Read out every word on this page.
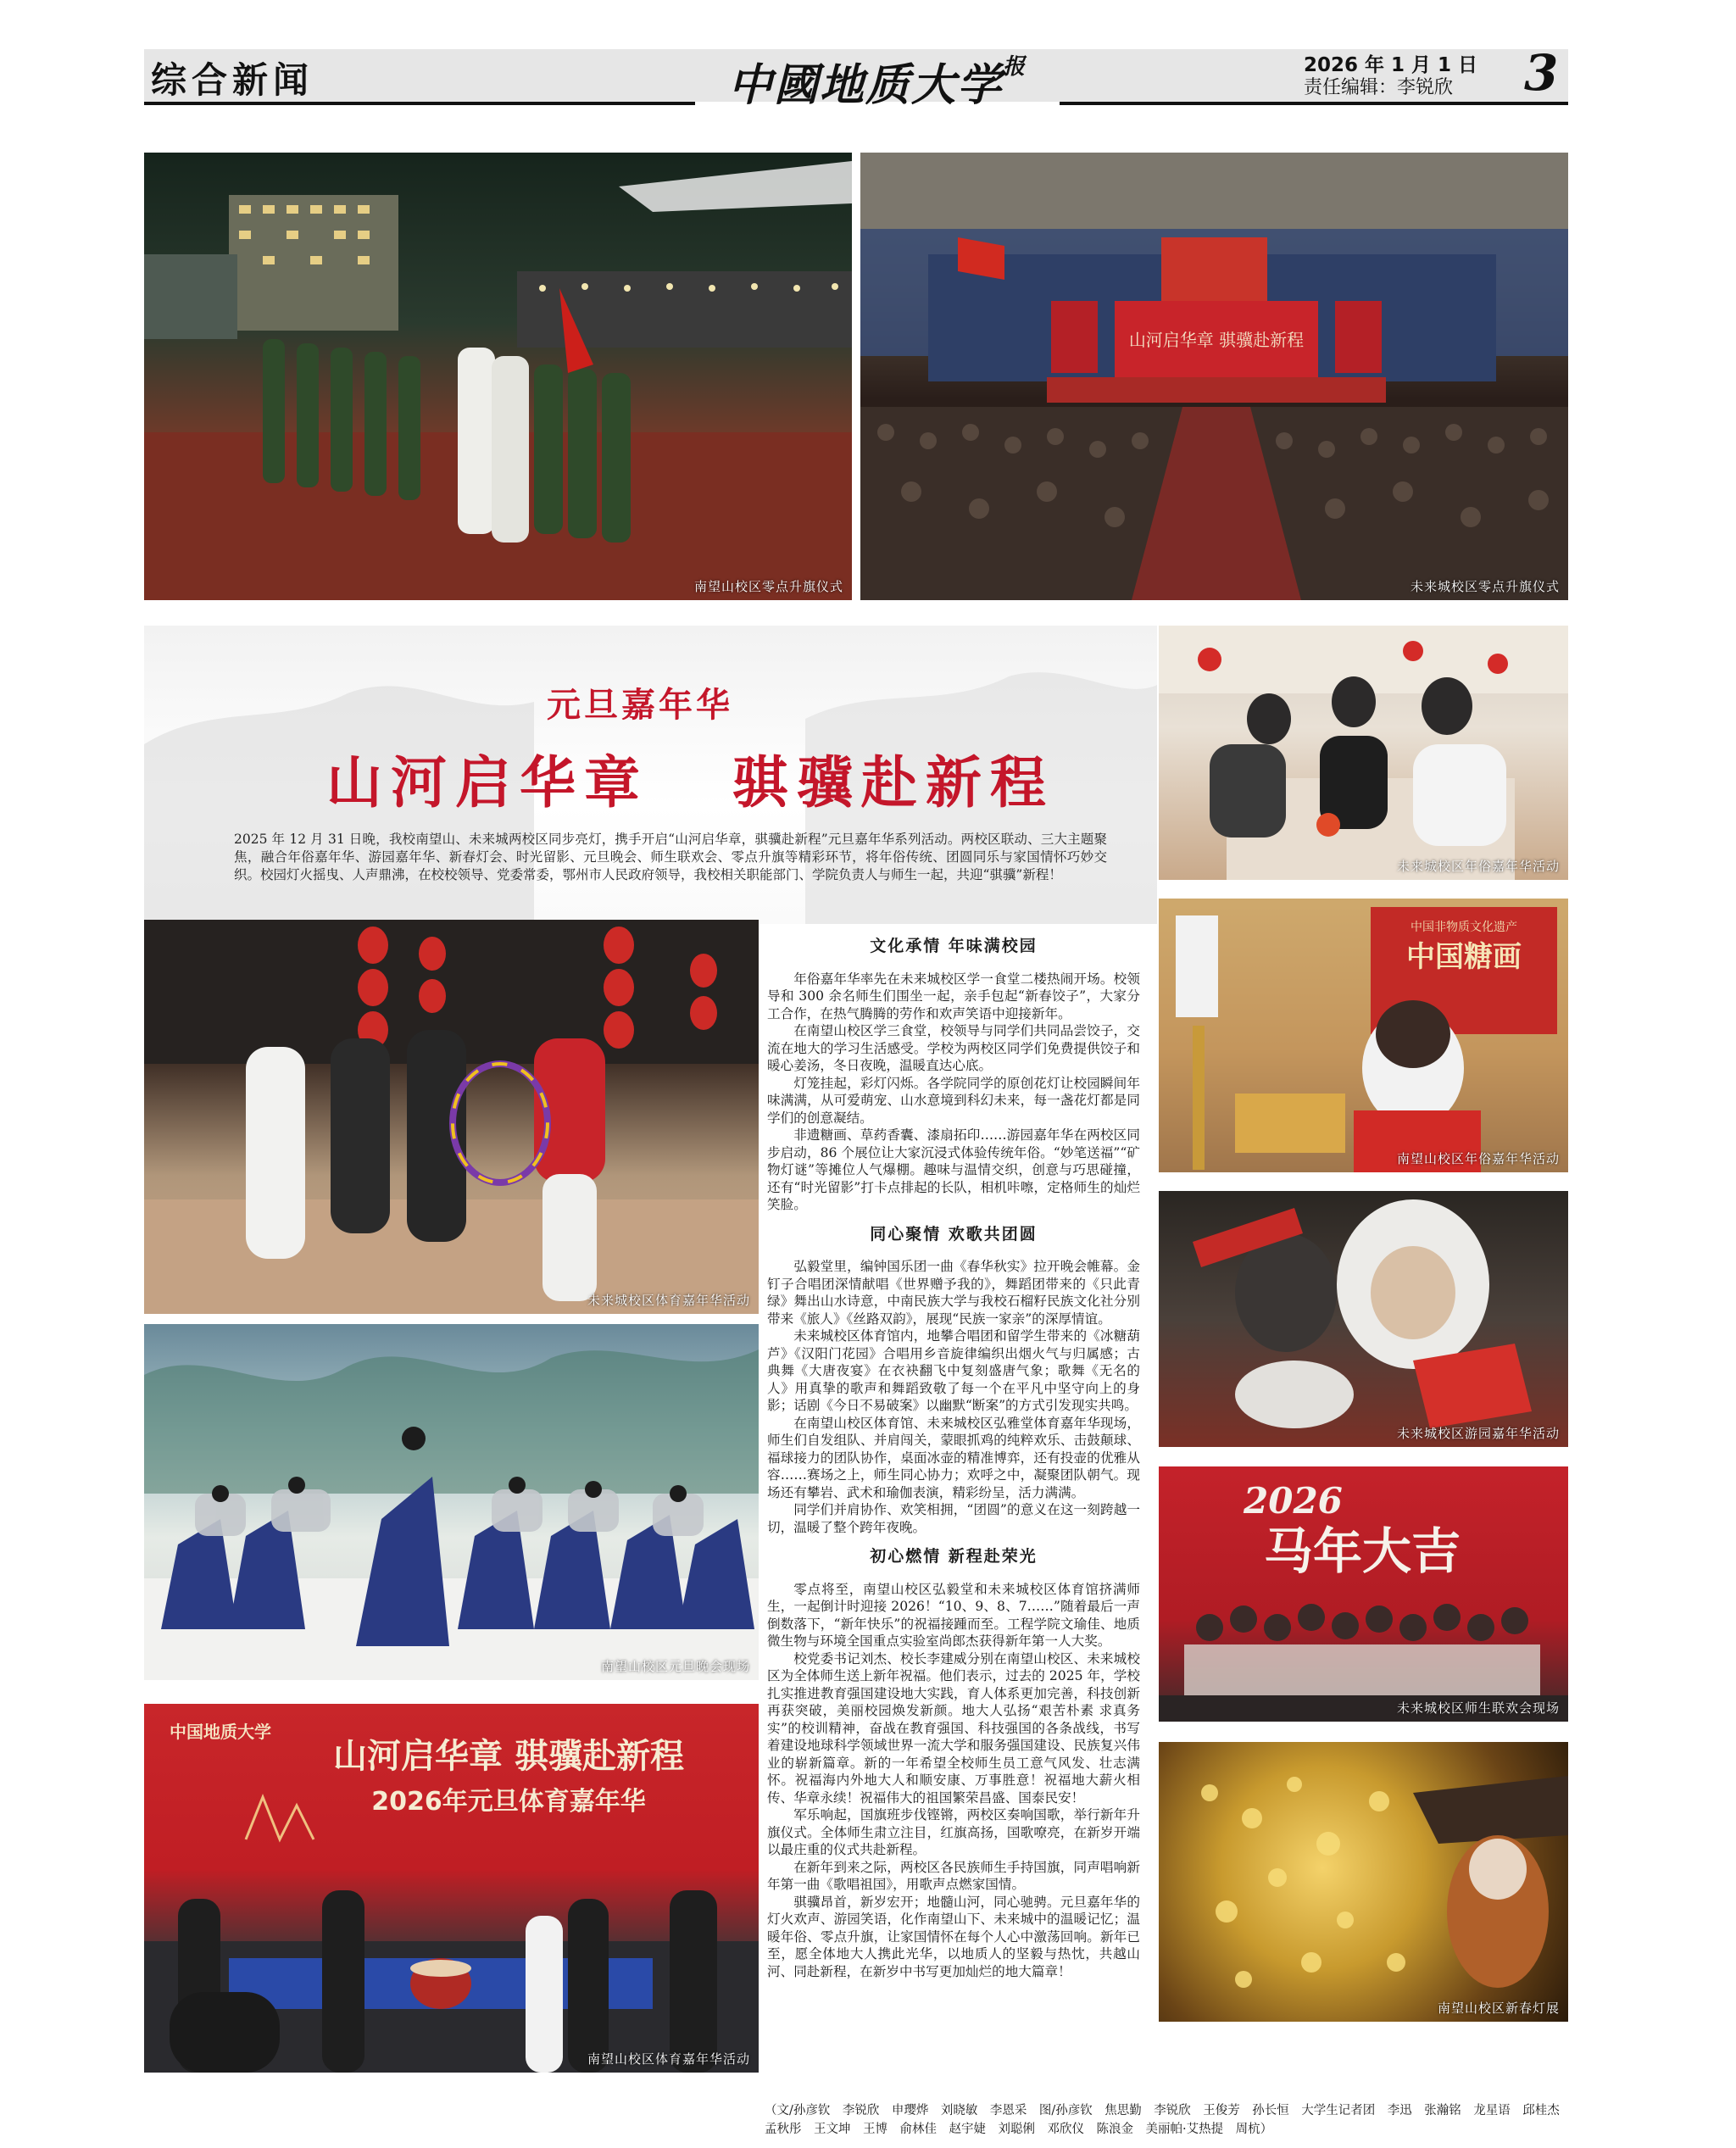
综合新闻	中國地质大学$^报$	2026 年 1 月 1 日
责任编辑：李锐欣 3
南望山校区零点升旗仪式
山河启华章 骐骥赴新程
未来城校区零点升旗仪式
元旦嘉年华
山河启华章   骐骥赴新程
2025 年 12 月 31 日晚，我校南望山、未来城两校区同步亮灯，携手开启“山河启华章，骐骥赴新程”元旦嘉年华系列活动。两校区联动、三大主题聚焦，融合年俗嘉年华、游园嘉年华、新春灯会、时光留影、元旦晚会、师生联欢会、零点升旗等精彩环节，将年俗传统、团圆同乐与家国情怀巧妙交织。校园灯火摇曳、人声鼎沸，在校校领导、党委常委，鄂州市人民政府领导，我校相关职能部门、学院负责人与师生一起，共迎“骐骥”新程！
未来城校区年俗嘉年华活动
中国非物质文化遗产
中国糖画
南望山校区年俗嘉年华活动
未来城校区游园嘉年华活动
2026
马年大吉
未来城校区师生联欢会现场
南望山校区新春灯展
未来城校区体育嘉年华活动
南望山校区元旦晚会现场
中国地质大学
山河启华章 骐骥赴新程
2026年元旦体育嘉年华
南望山校区体育嘉年华活动
文化承情 年味满校园

年俗嘉年华率先在未来城校区学一食堂二楼热闹开场。校领导和 300 余名师生们围坐一起，亲手包起“新春饺子”，大家分工合作，在热气腾腾的劳作和欢声笑语中迎接新年。

在南望山校区学三食堂，校领导与同学们共同品尝饺子，交流在地大的学习生活感受。学校为两校区同学们免费提供饺子和暖心姜汤，冬日夜晚，温暖直达心底。

灯笼挂起，彩灯闪烁。各学院同学的原创花灯让校园瞬间年味满满，从可爱萌宠、山水意境到科幻未来，每一盏花灯都是同学们的创意凝结。

非遗糖画、草药香囊、漆扇拓印……游园嘉年华在两校区同步启动，86 个展位让大家沉浸式体验传统年俗。“妙笔送福”“矿物灯谜”等摊位人气爆棚。趣味与温情交织，创意与巧思碰撞，还有“时光留影”打卡点排起的长队，相机咔嚓，定格师生的灿烂笑脸。

同心聚情 欢歌共团圆

弘毅堂里，编钟国乐团一曲《春华秋实》拉开晚会帷幕。金钉子合唱团深情献唱《世界赠予我的》，舞蹈团带来的《只此青绿》舞出山水诗意，中南民族大学与我校石榴籽民族文化社分别带来《旅人》《丝路双韵》，展现“民族一家亲”的深厚情谊。

未来城校区体育馆内，地攀合唱团和留学生带来的《冰糖葫芦》《汉阳门花园》合唱用乡音旋律编织出烟火气与归属感；古典舞《大唐夜宴》在衣袂翻飞中复刻盛唐气象；歌舞《无名的人》用真挚的歌声和舞蹈致敬了每一个在平凡中坚守向上的身影；话剧《今日不易破案》以幽默“断案”的方式引发现实共鸣。

在南望山校区体育馆、未来城校区弘雅堂体育嘉年华现场，师生们自发组队、并肩闯关，蒙眼抓鸡的纯粹欢乐、击鼓颠球、福球接力的团队协作，桌面冰壶的精准博弈，还有投壶的优雅从容……赛场之上，师生同心协力；欢呼之中，凝聚团队朝气。现场还有攀岩、武术和瑜伽表演，精彩纷呈，活力满满。

同学们并肩协作、欢笑相拥，“团圆”的意义在这一刻跨越一切，温暖了整个跨年夜晚。

初心燃情 新程赴荣光

零点将至，南望山校区弘毅堂和未来城校区体育馆挤满师生，一起倒计时迎接 2026！“10、9、8、7……”随着最后一声倒数落下，“新年快乐”的祝福接踵而至。工程学院文瑜佳、地质微生物与环境全国重点实验室尚郎杰获得新年第一人大奖。

校党委书记刘杰、校长李建威分别在南望山校区、未来城校区为全体师生送上新年祝福。他们表示，过去的 2025 年，学校扎实推进教育强国建设地大实践，育人体系更加完善，科技创新再获突破，美丽校园焕发新颜。地大人弘扬“艰苦朴素 求真务实”的校训精神，奋战在教育强国、科技强国的各条战线，书写着建设地球科学领域世界一流大学和服务强国建设、民族复兴伟业的崭新篇章。新的一年希望全校师生员工意气风发、壮志满怀。祝福海内外地大人和顺安康、万事胜意！祝福地大薪火相传、华章永续！祝福伟大的祖国繁荣昌盛、国泰民安！

军乐响起，国旗班步伐铿锵，两校区奏响国歌，举行新年升旗仪式。全体师生肃立注目，红旗高扬，国歌嘹亮，在新岁开端以最庄重的仪式共赴新程。

在新年到来之际，两校区各民族师生手持国旗，同声唱响新年第一曲《歌唱祖国》，用歌声点燃家国情。

骐骥昂首，新岁宏开；地髓山河，同心驰骋。元旦嘉年华的灯火欢声、游园笑语，化作南望山下、未来城中的温暖记忆；温暖年俗、零点升旗，让家国情怀在每个人心中激荡回响。新年已至，愿全体地大人携此光华，以地质人的坚毅与热忱，共越山河、同赴新程，在新岁中书写更加灿烂的地大篇章！

（文/孙彦钦　李锐欣　申璎烨　刘晓敏　李恩采　图/孙彦钦　焦思勤　李锐欣　王俊芳　孙长恒　大学生记者团　李迅　张瀚铭　龙星语　邱桂杰　孟秋彤　王文坤　王博　俞林佳　赵宇婕　刘聪俐　邓欣仪　陈浪金　美丽帕·艾热提　周杭）
